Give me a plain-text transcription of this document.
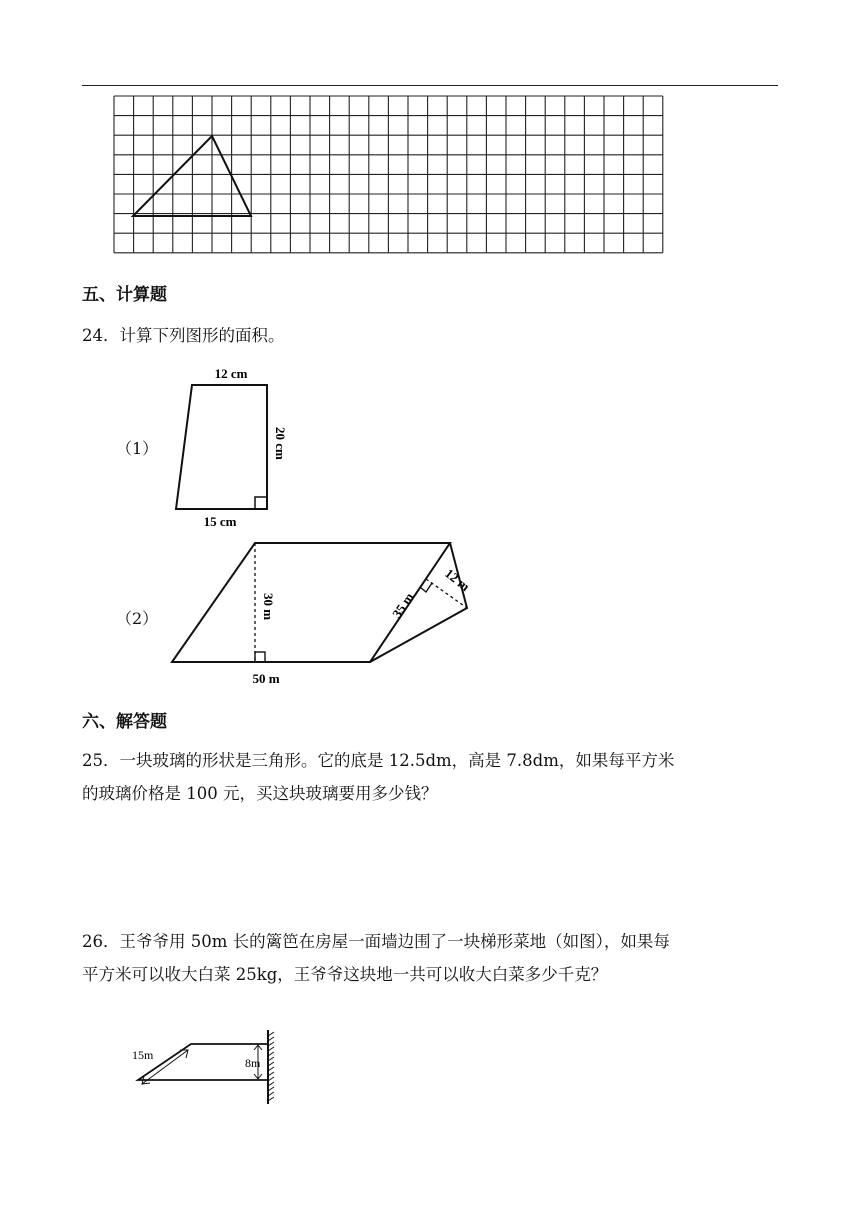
五、计算题
24．计算下列图形的面积。
（1）
12 cm
20 cm
15 cm
（2）	30 m
50 m
35 m
12 m
六、解答题
25．一块玻璃的形状是三角形。它的底是 12.5dm，高是 7.8dm，如果每平方米
的玻璃价格是 100 元，买这块玻璃要用多少钱？
26．王爷爷用 50m 长的篱笆在房屋一面墙边围了一块梯形菜地（如图），如果每
平方米可以收大白菜 25kg，王爷爷这块地一共可以收大白菜多少千克？
15m
8m
